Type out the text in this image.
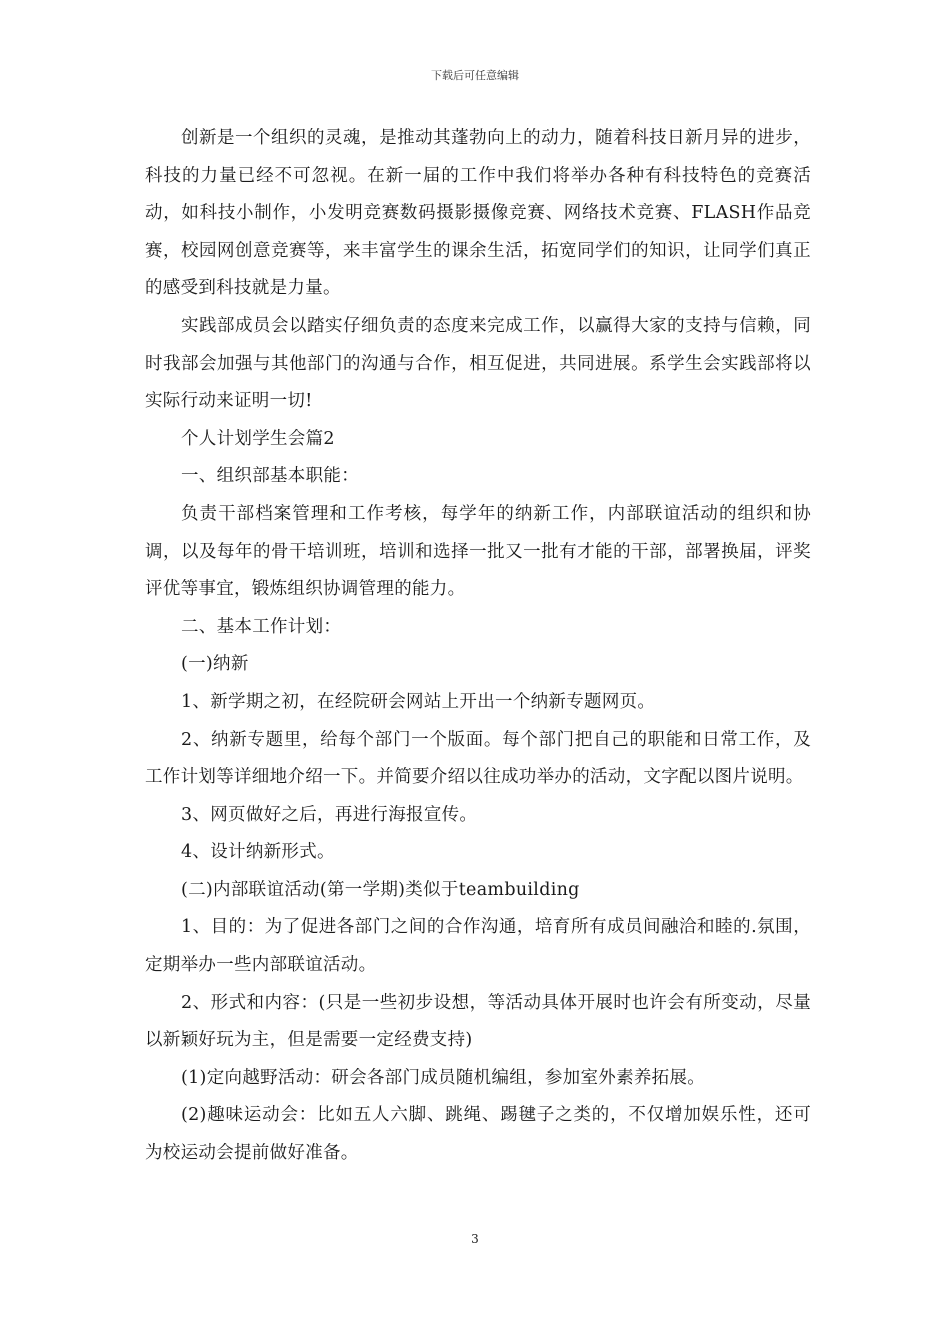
下载后可任意编辑

创新是一个组织的灵魂，是推动其蓬勃向上的动力，随着科技日新月异的进步，科技的力量已经不可忽视。在新一届的工作中我们将举办各种有科技特色的竞赛活动，如科技小制作，小发明竞赛数码摄影摄像竞赛、网络技术竞赛、FLASH作品竞赛，校园网创意竞赛等，来丰富学生的课余生活，拓宽同学们的知识，让同学们真正的感受到科技就是力量。

实践部成员会以踏实仔细负责的态度来完成工作，以赢得大家的支持与信赖，同时我部会加强与其他部门的沟通与合作，相互促进，共同进展。系学生会实践部将以实际行动来证明一切!

个人计划学生会篇2

一、组织部基本职能：

负责干部档案管理和工作考核，每学年的纳新工作，内部联谊活动的组织和协调，以及每年的骨干培训班，培训和选择一批又一批有才能的干部，部署换届，评奖评优等事宜，锻炼组织协调管理的能力。

二、基本工作计划：

(一)纳新

1、新学期之初，在经院研会网站上开出一个纳新专题网页。

2、纳新专题里，给每个部门一个版面。每个部门把自己的职能和日常工作，及工作计划等详细地介绍一下。并简要介绍以往成功举办的活动，文字配以图片说明。

3、网页做好之后，再进行海报宣传。

4、设计纳新形式。

(二)内部联谊活动(第一学期)类似于teambuilding

1、目的：为了促进各部门之间的合作沟通，培育所有成员间融洽和睦的.氛围，定期举办一些内部联谊活动。

2、形式和内容：(只是一些初步设想，等活动具体开展时也许会有所变动，尽量以新颖好玩为主，但是需要一定经费支持)

(1)定向越野活动：研会各部门成员随机编组，参加室外素养拓展。

(2)趣味运动会：比如五人六脚、跳绳、踢毽子之类的，不仅增加娱乐性，还可为校运动会提前做好准备。

3
